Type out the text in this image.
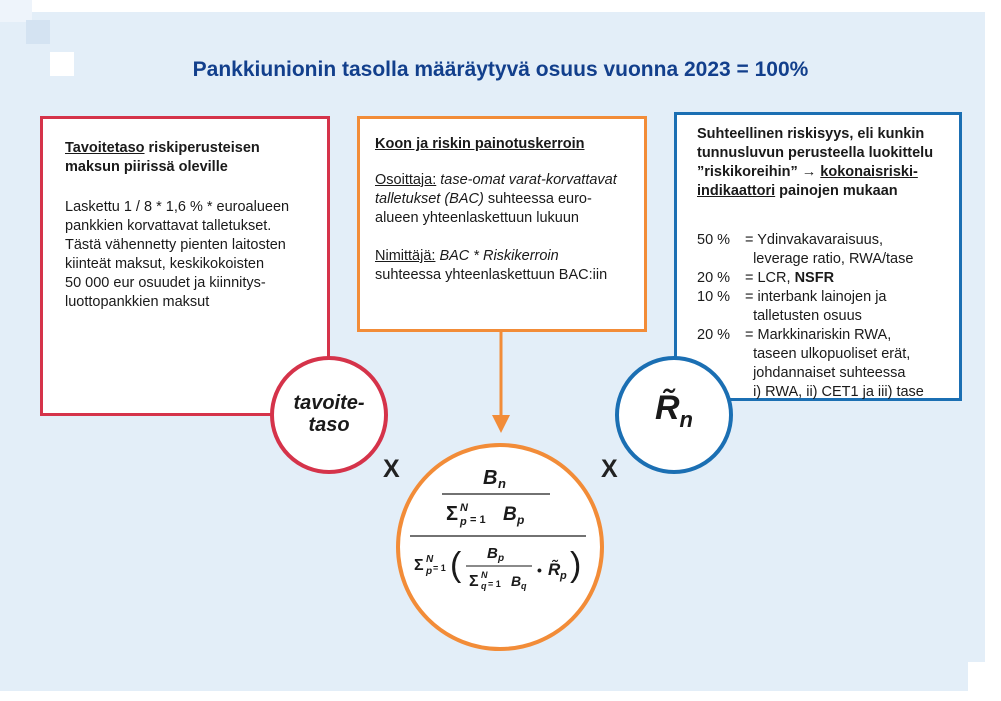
Pankkiunionin tasolla määräytyvä osuus vuonna 2023 = 100%
Tavoitetaso riskiperusteisen
maksun piirissä oleville
Laskettu 1 / 8 * 1,6 % * euroalueen
pankkien korvattavat talletukset.
Tästä vähennetty pienten laitosten
kiinteät maksut, keskikokoisten
50 000 eur osuudet ja kiinnitys-
luottopankkien maksut
Koon ja riskin painotuskerroin
Osoittaja: tase-omat varat-korvattavat
talletukset (BAC) suhteessa euro-
alueen yhteenlaskettuun lukuun
Nimittäjä: BAC * Riskikerroin
suhteessa yhteenlaskettuun BAC:iin
Suhteellinen riskisyys, eli kunkin
tunnusluvun perusteella luokittelu
”riskikoreihin” → kokonaisriski-
indikaattori painojen mukaan
50 %	= Ydinvakavaraisuus,
leverage ratio, RWA/tase
20 %	= LCR, NSFR
10 %	= interbank lainojen ja
talletusten osuus
20 %	= Markkinariskin RWA,
taseen ulkopuoliset erät,
johdannaiset suhteessa
i) RWA, ii) CET1 ja iii) tase
tavoite-
taso	$R̃_n$
X	X
B n
Σ N
p = 1 B p
Σ N
p = 1 ( B p
Σ N
q = 1 B q
• R̃ p )
